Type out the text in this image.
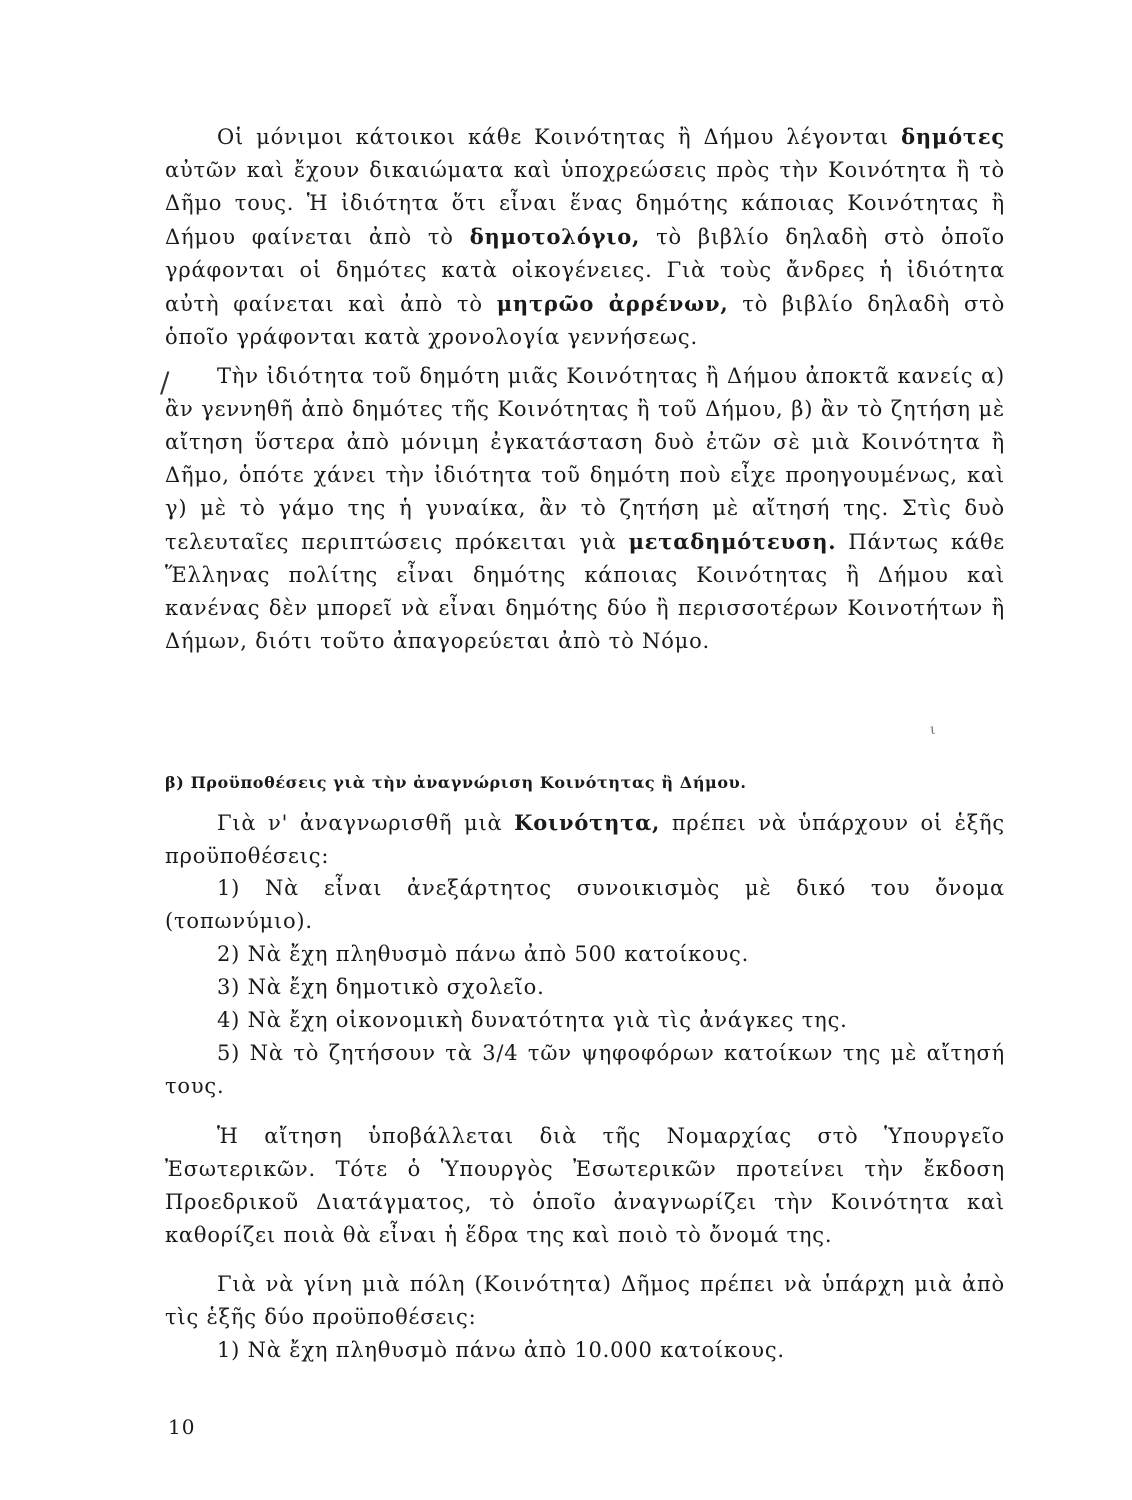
Οἱ μόνιμοι κάτοικοι κάθε Κοινότητας ἢ Δήμου λέγονται δημότες αὐτῶν καὶ ἔχουν δικαιώματα καὶ ὑποχρεώσεις πρὸς τὴν Κοινότητα ἢ τὸ Δῆμο τους. Ἡ ἰδιότητα ὅτι εἶναι ἕνας δημότης κάποιας Κοινότητας ἢ Δήμου φαίνεται ἀπὸ τὸ δημοτολόγιο, τὸ βιβλίο δηλαδὴ στὸ ὁποῖο γράφονται οἱ δημότες κατὰ οἰκογένειες. Γιὰ τοὺς ἄνδρες ἡ ἰδιότητα αὐτὴ φαίνεται καὶ ἀπὸ τὸ μητρῶο ἀρρένων, τὸ βιβλίο δηλαδὴ στὸ ὁποῖο γράφονται κατὰ χρονολογία γεννήσεως.

/	Τὴν ἰδιότητα τοῦ δημότη μιᾶς Κοινότητας ἢ Δήμου ἀποκτᾶ κανείς α) ἂν γεννηθῆ ἀπὸ δημότες τῆς Κοινότητας ἢ τοῦ Δήμου, β) ἂν τὸ ζητήση μὲ αἴτηση ὕστερα ἀπὸ μόνιμη ἐγκατάσταση δυὸ ἐτῶν σὲ μιὰ Κοινότητα ἢ Δῆμο, ὁπότε χάνει τὴν ἰδιότητα τοῦ δημότη ποὺ εἶχε προηγουμένως, καὶ γ) μὲ τὸ γάμο της ἡ γυναίκα, ἂν τὸ ζητήση μὲ αἴτησή της. Στὶς δυὸ τελευταῖες περιπτώσεις πρόκειται γιὰ μεταδημότευση. Πάντως κάθε Ἕλληνας πολίτης εἶναι δημότης κάποιας Κοινότητας ἢ Δήμου καὶ κανένας δὲν μπορεῖ νὰ εἶναι δημότης δύο ἢ περισσοτέρων Κοινοτήτων ἢ Δήμων, διότι τοῦτο ἀπαγορεύεται ἀπὸ τὸ Νόμο.

ι

β) Προϋποθέσεις γιὰ τὴν ἀναγνώριση Κοινότητας ἢ Δήμου.

Γιὰ ν' ἀναγνωρισθῆ μιὰ Κοινότητα, πρέπει νὰ ὑπάρχουν οἱ ἑξῆς προϋποθέσεις:

1) Νὰ εἶναι ἀνεξάρτητος συνοικισμὸς μὲ δικό του ὄνομα (τοπωνύμιο).
2) Νὰ ἔχη πληθυσμὸ πάνω ἀπὸ 500 κατοίκους.
3) Νὰ ἔχη δημοτικὸ σχολεῖο.
4) Νὰ ἔχη οἰκονομικὴ δυνατότητα γιὰ τὶς ἀνάγκες της.
5) Νὰ τὸ ζητήσουν τὰ 3/4 τῶν ψηφοφόρων κατοίκων της μὲ αἴτησή τους.

Ἡ αἴτηση ὑποβάλλεται διὰ τῆς Νομαρχίας στὸ Ὑπουργεῖο Ἐσωτερικῶν. Τότε ὁ Ὑπουργὸς Ἐσωτερικῶν προτείνει τὴν ἔκδοση Προεδρικοῦ Διατάγματος, τὸ ὁποῖο ἀναγνωρίζει τὴν Κοινότητα καὶ καθορίζει ποιὰ θὰ εἶναι ἡ ἕδρα της καὶ ποιὸ τὸ ὄνομά της.

Γιὰ νὰ γίνη μιὰ πόλη (Κοινότητα) Δῆμος πρέπει νὰ ὑπάρχη μιὰ ἀπὸ τὶς ἑξῆς δύο προϋποθέσεις:

1) Νὰ ἔχη πληθυσμὸ πάνω ἀπὸ 10.000 κατοίκους.
10
